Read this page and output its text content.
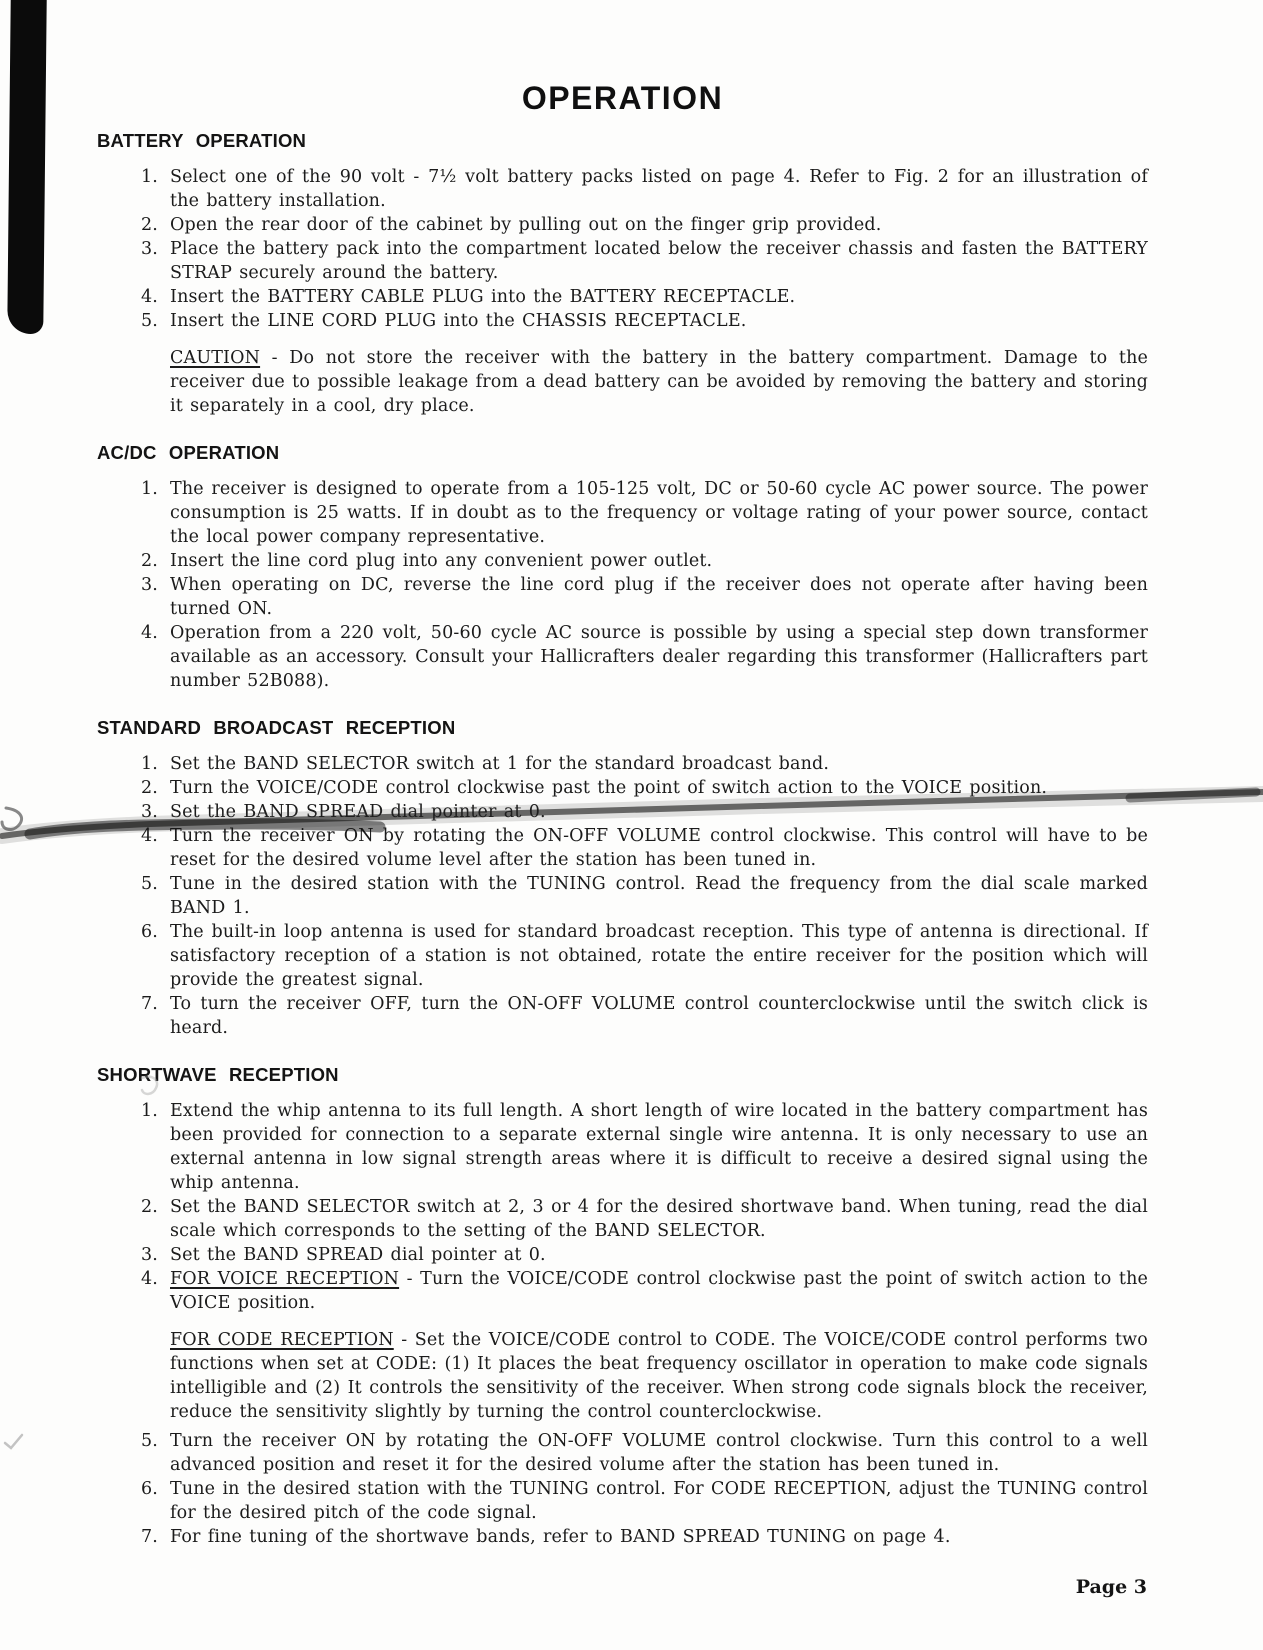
OPERATION
BATTERY OPERATION
1. Select one of the 90 volt - 7½ volt battery packs listed on page 4. Refer to Fig. 2 for an illustration of the battery installation.
2. Open the rear door of the cabinet by pulling out on the finger grip provided.
3. Place the battery pack into the compartment located below the receiver chassis and fasten the BATTERY STRAP securely around the battery.
4. Insert the BATTERY CABLE PLUG into the BATTERY RECEPTACLE.
5. Insert the LINE CORD PLUG into the CHASSIS RECEPTACLE.
CAUTION - Do not store the receiver with the battery in the battery compartment. Damage to the receiver due to possible leakage from a dead battery can be avoided by removing the battery and storing it separately in a cool, dry place.
AC/DC OPERATION
1. The receiver is designed to operate from a 105-125 volt, DC or 50-60 cycle AC power source. The power consumption is 25 watts. If in doubt as to the frequency or voltage rating of your power source, contact the local power company representative.
2. Insert the line cord plug into any convenient power outlet.
3. When operating on DC, reverse the line cord plug if the receiver does not operate after having been turned ON.
4. Operation from a 220 volt, 50-60 cycle AC source is possible by using a special step down transformer available as an accessory. Consult your Hallicrafters dealer regarding this transformer (Hallicrafters part number 52B088).
STANDARD BROADCAST RECEPTION
1. Set the BAND SELECTOR switch at 1 for the standard broadcast band.
2. Turn the VOICE/CODE control clockwise past the point of switch action to the VOICE position.
3. Set the BAND SPREAD dial pointer at 0.
4. Turn the receiver ON by rotating the ON-OFF VOLUME control clockwise. This control will have to be reset for the desired volume level after the station has been tuned in.
5. Tune in the desired station with the TUNING control. Read the frequency from the dial scale marked BAND 1.
6. The built-in loop antenna is used for standard broadcast reception. This type of antenna is directional. If satisfactory reception of a station is not obtained, rotate the entire receiver for the position which will provide the greatest signal.
7. To turn the receiver OFF, turn the ON-OFF VOLUME control counterclockwise until the switch click is heard.
SHORTWAVE RECEPTION
1. Extend the whip antenna to its full length. A short length of wire located in the battery compartment has been provided for connection to a separate external single wire antenna. It is only necessary to use an external antenna in low signal strength areas where it is difficult to receive a desired signal using the whip antenna.
2. Set the BAND SELECTOR switch at 2, 3 or 4 for the desired shortwave band. When tuning, read the dial scale which corresponds to the setting of the BAND SELECTOR.
3. Set the BAND SPREAD dial pointer at 0.
4. FOR VOICE RECEPTION - Turn the VOICE/CODE control clockwise past the point of switch action to the VOICE position.
FOR CODE RECEPTION - Set the VOICE/CODE control to CODE. The VOICE/CODE control performs two functions when set at CODE: (1) It places the beat frequency oscillator in operation to make code signals intelligible and (2) It controls the sensitivity of the receiver. When strong code signals block the receiver, reduce the sensitivity slightly by turning the control counterclockwise.
5. Turn the receiver ON by rotating the ON-OFF VOLUME control clockwise. Turn this control to a well advanced position and reset it for the desired volume after the station has been tuned in.
6. Tune in the desired station with the TUNING control. For CODE RECEPTION, adjust the TUNING control for the desired pitch of the code signal.
7. For fine tuning of the shortwave bands, refer to BAND SPREAD TUNING on page 4.
Page 3
